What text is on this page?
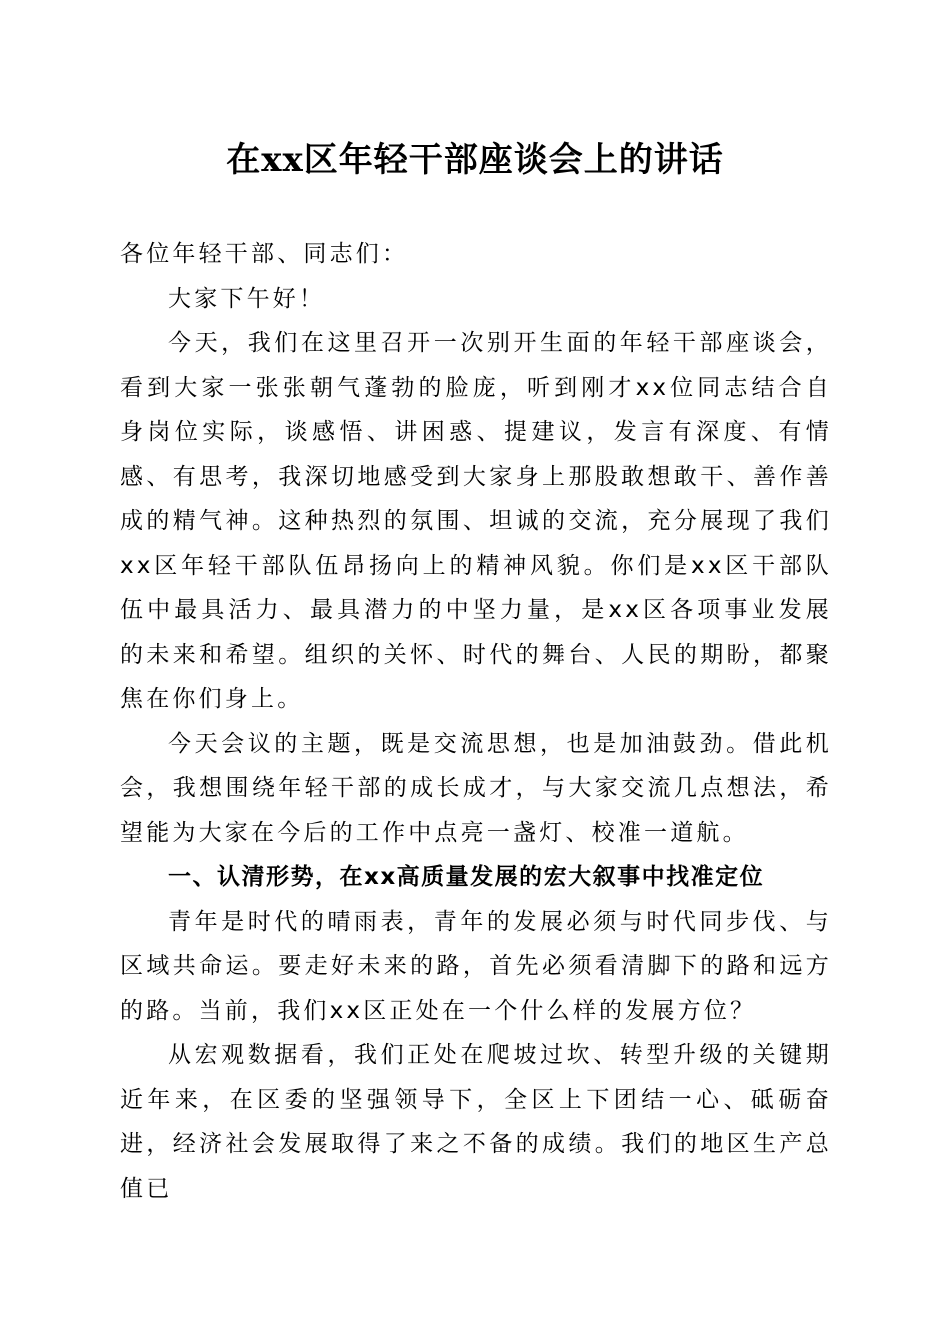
在xx区年轻干部座谈会上的讲话

各位年轻干部、同志们：

大家下午好！

今天，我们在这里召开一次别开生面的年轻干部座谈会，看到大家一张张朝气蓬勃的脸庞，听到刚才xx位同志结合自身岗位实际，谈感悟、讲困惑、提建议，发言有深度、有情感、有思考，我深切地感受到大家身上那股敢想敢干、善作善成的精气神。这种热烈的氛围、坦诚的交流，充分展现了我们xx区年轻干部队伍昂扬向上的精神风貌。你们是xx区干部队伍中最具活力、最具潜力的中坚力量，是xx区各项事业发展的未来和希望。组织的关怀、时代的舞台、人民的期盼，都聚焦在你们身上。

今天会议的主题，既是交流思想，也是加油鼓劲。借此机会，我想围绕年轻干部的成长成才，与大家交流几点想法，希望能为大家在今后的工作中点亮一盏灯、校准一道航。

一、认清形势，在xx高质量发展的宏大叙事中找准定位

青年是时代的晴雨表，青年的发展必须与时代同步伐、与区域共命运。要走好未来的路，首先必须看清脚下的路和远方的路。当前，我们xx区正处在一个什么样的发展方位？

从宏观数据看，我们正处在爬坡过坎、转型升级的关键期近年来，在区委的坚强领导下，全区上下团结一心、砥砺奋进，经济社会发展取得了来之不备的成绩。我们的地区生产总值已
